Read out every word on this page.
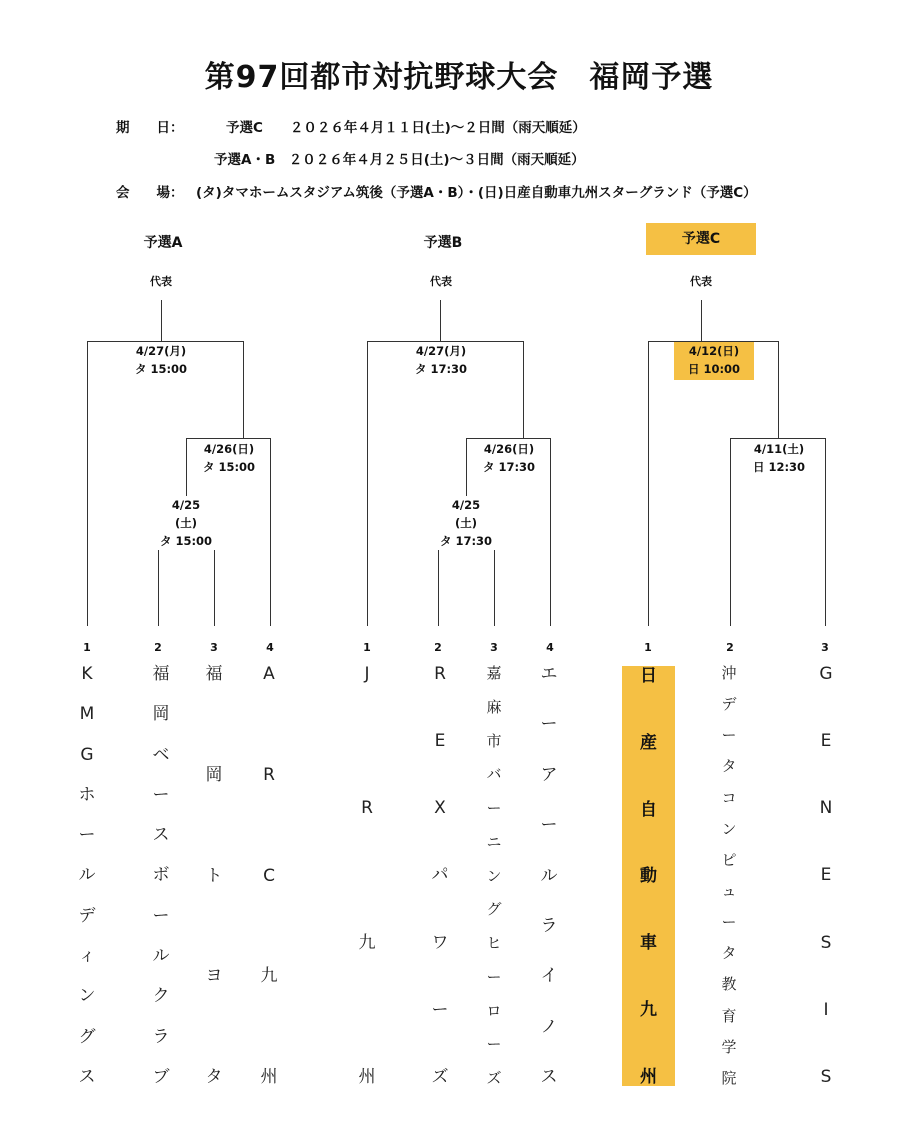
第97回都市対抗野球大会　福岡予選
期　　日：	予選C　　２０２６年４月１１日(土)～２日間（雨天順延）
予選A・B　２０２６年４月２５日(土)～３日間（雨天順延）
会　　場： (タ)タマホームスタジアム筑後（予選A・B）・(日)日産自動車九州スターグランド（予選C）
予選A
代表
4/27(月)
タ 15:00
4/26(日)
タ 15:00
4/25
(土)
タ 15:00
1	2	3	4
K
M
G
ホ
ー
ル
デ
ィ
ン
グ
ス
福
岡
ベ
ー
ス
ボ
ー
ル
ク
ラ
ブ
福
岡
ト
ヨ
タ
A
R
C
九
州
予選B
代表
4/27(月)
タ 17:30
4/26(日)
タ 17:30
4/25
(土)
タ 17:30
1	2	3	4
J
R
九
州
R
E
X
パ
ワ
ー
ズ
嘉
麻
市
バ
ー
ニ
ン
グ
ヒ
ー
ロ
ー
ズ
エ
ー
ア
ー
ル
ラ
イ
ノ
ス
予選C
代表
4/12(日)
日 10:00
4/11(土)
日 12:30
1	2	3
日
産
自
動
車
九
州
沖
デ
ー
タ
コ
ン
ピ
ュ
ー
タ
教
育
学
院
G
E
N
E
S
I
S
